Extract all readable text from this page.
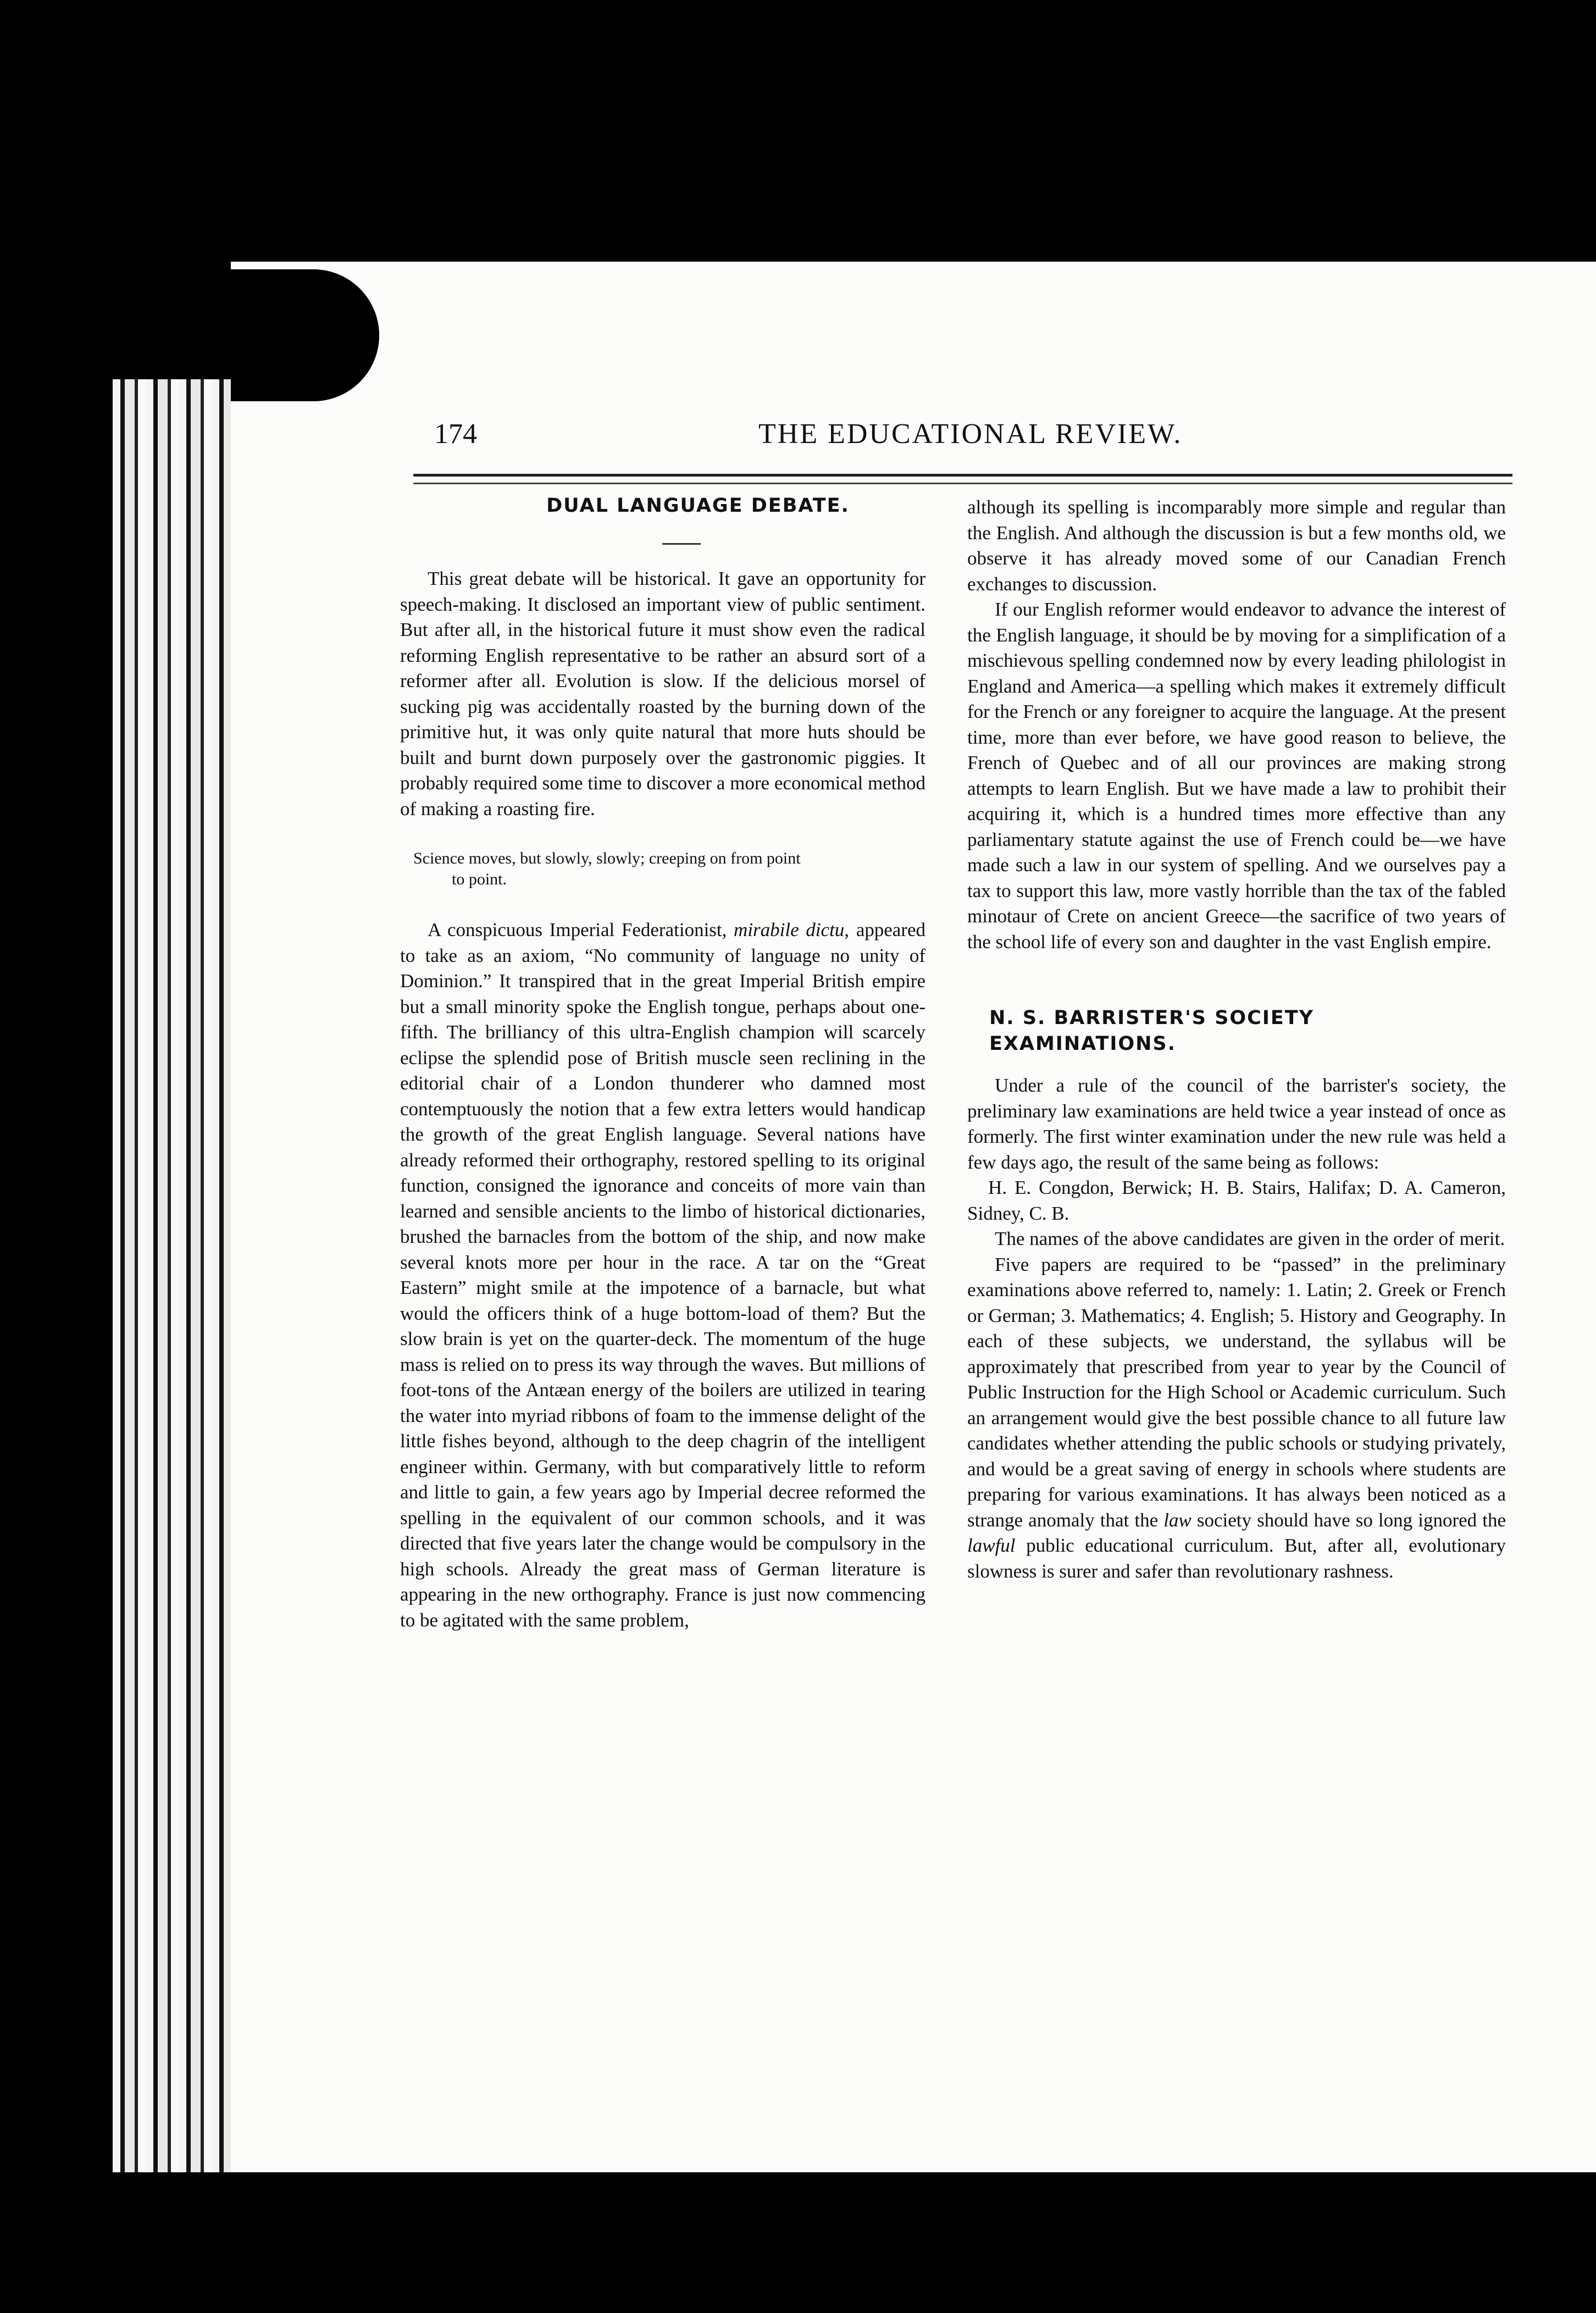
174	THE EDUCATIONAL REVIEW.
DUAL LANGUAGE DEBATE.

This great debate will be historical. It gave an opportunity for speech-making. It disclosed an important view of public sentiment. But after all, in the historical future it must show even the radical reforming English representative to be rather an absurd sort of a reformer after all. Evolution is slow. If the delicious morsel of sucking pig was accidentally roasted by the burning down of the primitive hut, it was only quite natural that more huts should be built and burnt down purposely over the gastronomic piggies. It probably required some time to discover a more economical method of making a roasting fire.

Science moves, but slowly, slowly; creeping on from point
to point.

A conspicuous Imperial Federationist, mirabile dictu, appeared to take as an axiom, “No community of language no unity of Dominion.” It transpired that in the great Imperial British empire but a small minority spoke the English tongue, perhaps about one-fifth. The brilliancy of this ultra-English champion will scarcely eclipse the splendid pose of British muscle seen reclining in the editorial chair of a London thunderer who damned most contemptuously the notion that a few extra letters would handicap the growth of the great English language. Several nations have already reformed their orthography, restored spelling to its original function, consigned the ignorance and conceits of more vain than learned and sensible ancients to the limbo of historical dictionaries, brushed the barnacles from the bottom of the ship, and now make several knots more per hour in the race. A tar on the “Great Eastern” might smile at the impotence of a barnacle, but what would the officers think of a huge bottom-load of them? But the slow brain is yet on the quarter-deck. The momentum of the huge mass is relied on to press its way through the waves. But millions of foot-tons of the Antæan energy of the boilers are utilized in tearing the water into myriad ribbons of foam to the immense delight of the little fishes beyond, although to the deep chagrin of the intelligent engineer within. Germany, with but comparatively little to reform and little to gain, a few years ago by Imperial decree reformed the spelling in the equivalent of our common schools, and it was directed that five years later the change would be compulsory in the high schools. Already the great mass of German literature is appearing in the new orthography. France is just now commencing to be agitated with the same problem,

although its spelling is incomparably more simple and regular than the English. And although the discussion is but a few months old, we observe it has already moved some of our Canadian French exchanges to discussion.

If our English reformer would endeavor to advance the interest of the English language, it should be by moving for a simplification of a mischievous spelling condemned now by every leading philologist in England and America—a spelling which makes it extremely difficult for the French or any foreigner to acquire the language. At the present time, more than ever before, we have good reason to believe, the French of Quebec and of all our provinces are making strong attempts to learn English. But we have made a law to prohibit their acquiring it, which is a hundred times more effective than any parliamentary statute against the use of French could be—we have made such a law in our system of spelling. And we ourselves pay a tax to support this law, more vastly horrible than the tax of the fabled minotaur of Crete on ancient Greece—the sacrifice of two years of the school life of every son and daughter in the vast English empire.

N. S. BARRISTER'S SOCIETY EXAMINATIONS.

Under a rule of the council of the barrister's society, the preliminary law examinations are held twice a year instead of once as formerly. The first winter examination under the new rule was held a few days ago, the result of the same being as follows:

H. E. Congdon, Berwick; H. B. Stairs, Halifax; D. A. Cameron, Sidney, C. B.

The names of the above candidates are given in the order of merit.

Five papers are required to be “passed” in the preliminary examinations above referred to, namely: 1. Latin; 2. Greek or French or German; 3. Mathematics; 4. English; 5. History and Geography. In each of these subjects, we understand, the syllabus will be approximately that prescribed from year to year by the Council of Public Instruction for the High School or Academic curriculum. Such an arrangement would give the best possible chance to all future law candidates whether attending the public schools or studying privately, and would be a great saving of energy in schools where students are preparing for various examinations. It has always been noticed as a strange anomaly that the law society should have so long ignored the lawful public educational curriculum. But, after all, evolutionary slowness is surer and safer than revolutionary rashness.
